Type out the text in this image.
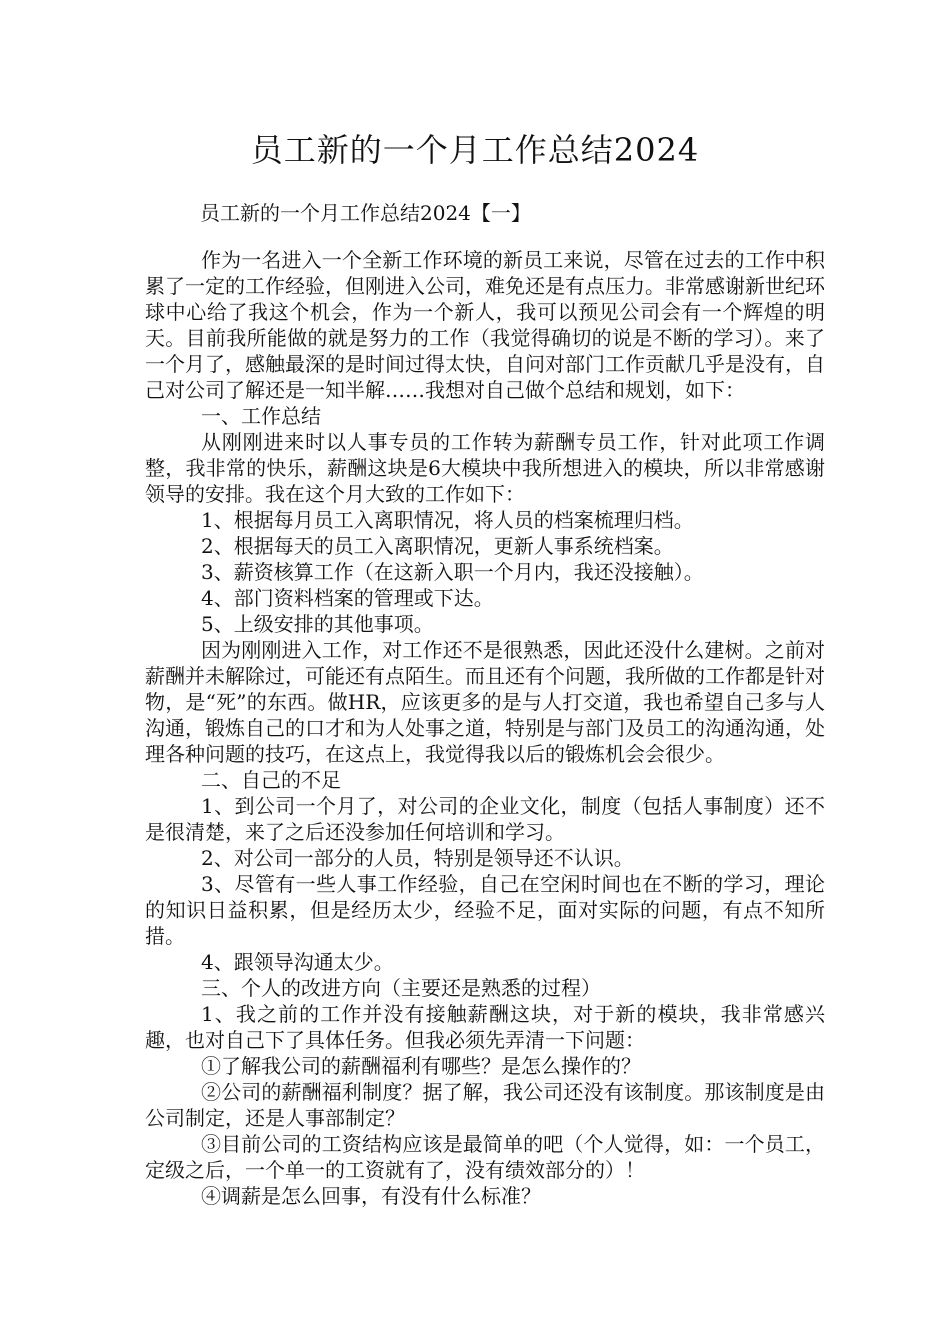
员工新的一个月工作总结2024
员工新的一个月工作总结2024【一】

作为一名进入一个全新工作环境的新员工来说，尽管在过去的工作中积累了一定的工作经验，但刚进入公司，难免还是有点压力。非常感谢新世纪环球中心给了我这个机会，作为一个新人，我可以预见公司会有一个辉煌的明天。目前我所能做的就是努力的工作（我觉得确切的说是不断的学习）。来了一个月了，感触最深的是时间过得太快，自问对部门工作贡献几乎是没有，自己对公司了解还是一知半解……我想对自己做个总结和规划，如下：

一、工作总结

从刚刚进来时以人事专员的工作转为薪酬专员工作，针对此项工作调整，我非常的快乐，薪酬这块是6大模块中我所想进入的模块，所以非常感谢领导的安排。我在这个月大致的工作如下：

1、根据每月员工入离职情况，将人员的档案梳理归档。

2、根据每天的员工入离职情况，更新人事系统档案。

3、薪资核算工作（在这新入职一个月内，我还没接触）。

4、部门资料档案的管理或下达。

5、上级安排的其他事项。

因为刚刚进入工作，对工作还不是很熟悉，因此还没什么建树。之前对薪酬并未解除过，可能还有点陌生。而且还有个问题，我所做的工作都是针对物，是“死”的东西。做HR，应该更多的是与人打交道，我也希望自己多与人沟通，锻炼自己的口才和为人处事之道，特别是与部门及员工的沟通沟通，处理各种问题的技巧，在这点上，我觉得我以后的锻炼机会会很少。

二、自己的不足

1、到公司一个月了，对公司的企业文化，制度（包括人事制度）还不是很清楚，来了之后还没参加任何培训和学习。

2、对公司一部分的人员，特别是领导还不认识。

3、尽管有一些人事工作经验，自己在空闲时间也在不断的学习，理论的知识日益积累，但是经历太少，经验不足，面对实际的问题，有点不知所措。

4、跟领导沟通太少。

三、个人的改进方向（主要还是熟悉的过程）

1、我之前的工作并没有接触薪酬这块，对于新的模块，我非常感兴趣，也对自己下了具体任务。但我必须先弄清一下问题：

①了解我公司的薪酬福利有哪些？是怎么操作的？

②公司的薪酬福利制度？据了解，我公司还没有该制度。那该制度是由公司制定，还是人事部制定？

③目前公司的工资结构应该是最简单的吧（个人觉得，如：一个员工，定级之后，一个单一的工资就有了，没有绩效部分的）！

④调薪是怎么回事，有没有什么标准？
